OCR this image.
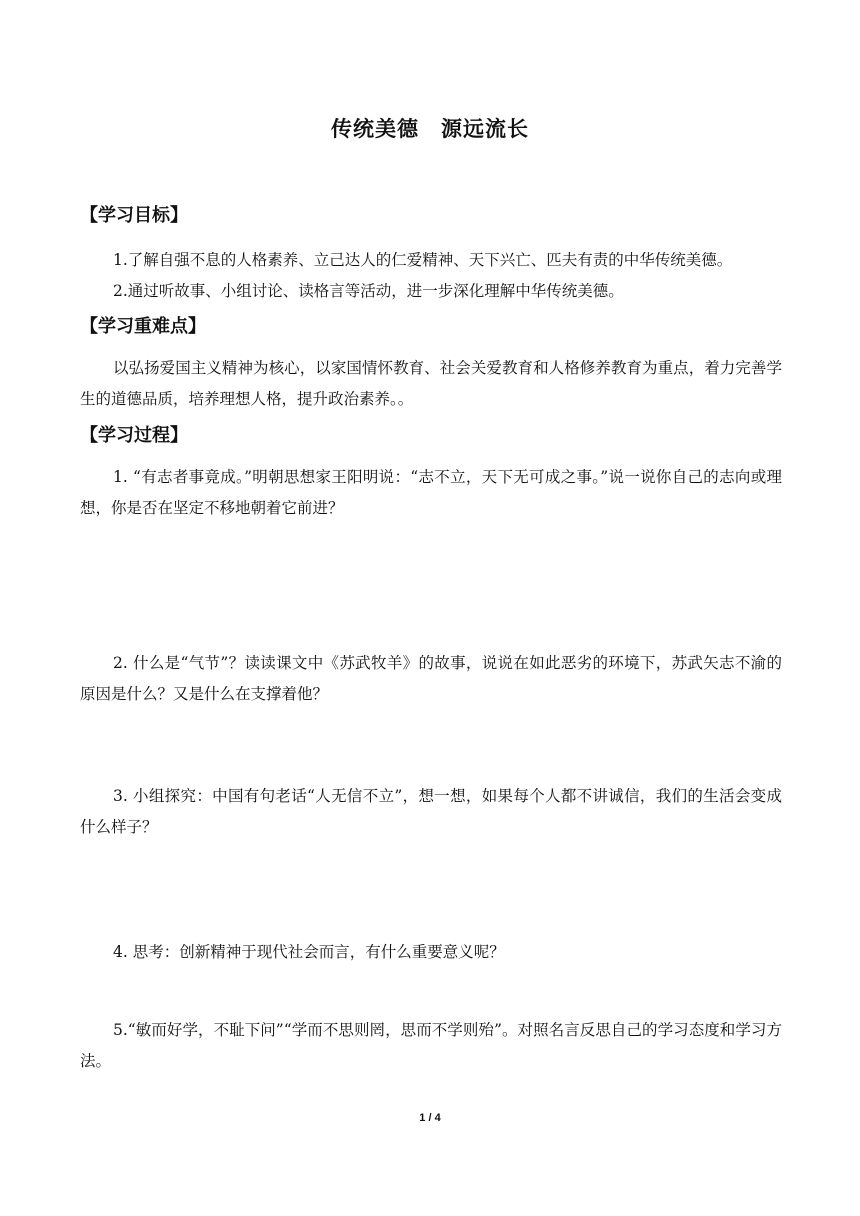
传统美德　源远流长
【学习目标】

1.了解自强不息的人格素养、立己达人的仁爱精神、天下兴亡、匹夫有责的中华传统美德。

2.通过听故事、小组讨论、读格言等活动，进一步深化理解中华传统美德。

【学习重难点】

以弘扬爱国主义精神为核心，以家国情怀教育、社会关爱教育和人格修养教育为重点，着力完善学生的道德品质，培养理想人格，提升政治素养。。

【学习过程】

1. “有志者事竟成。”明朝思想家王阳明说：“志不立，天下无可成之事。”说一说你自己的志向或理想，你是否在坚定不移地朝着它前进？

2. 什么是“气节”？读读课文中《苏武牧羊》的故事，说说在如此恶劣的环境下，苏武矢志不渝的原因是什么？又是什么在支撑着他？

3. 小组探究：中国有句老话“人无信不立”，想一想，如果每个人都不讲诚信，我们的生活会变成什么样子？

4. 思考：创新精神于现代社会而言，有什么重要意义呢？

5.“敏而好学，不耻下问”“学而不思则罔，思而不学则殆”。对照名言反思自己的学习态度和学习方法。

1 / 4
